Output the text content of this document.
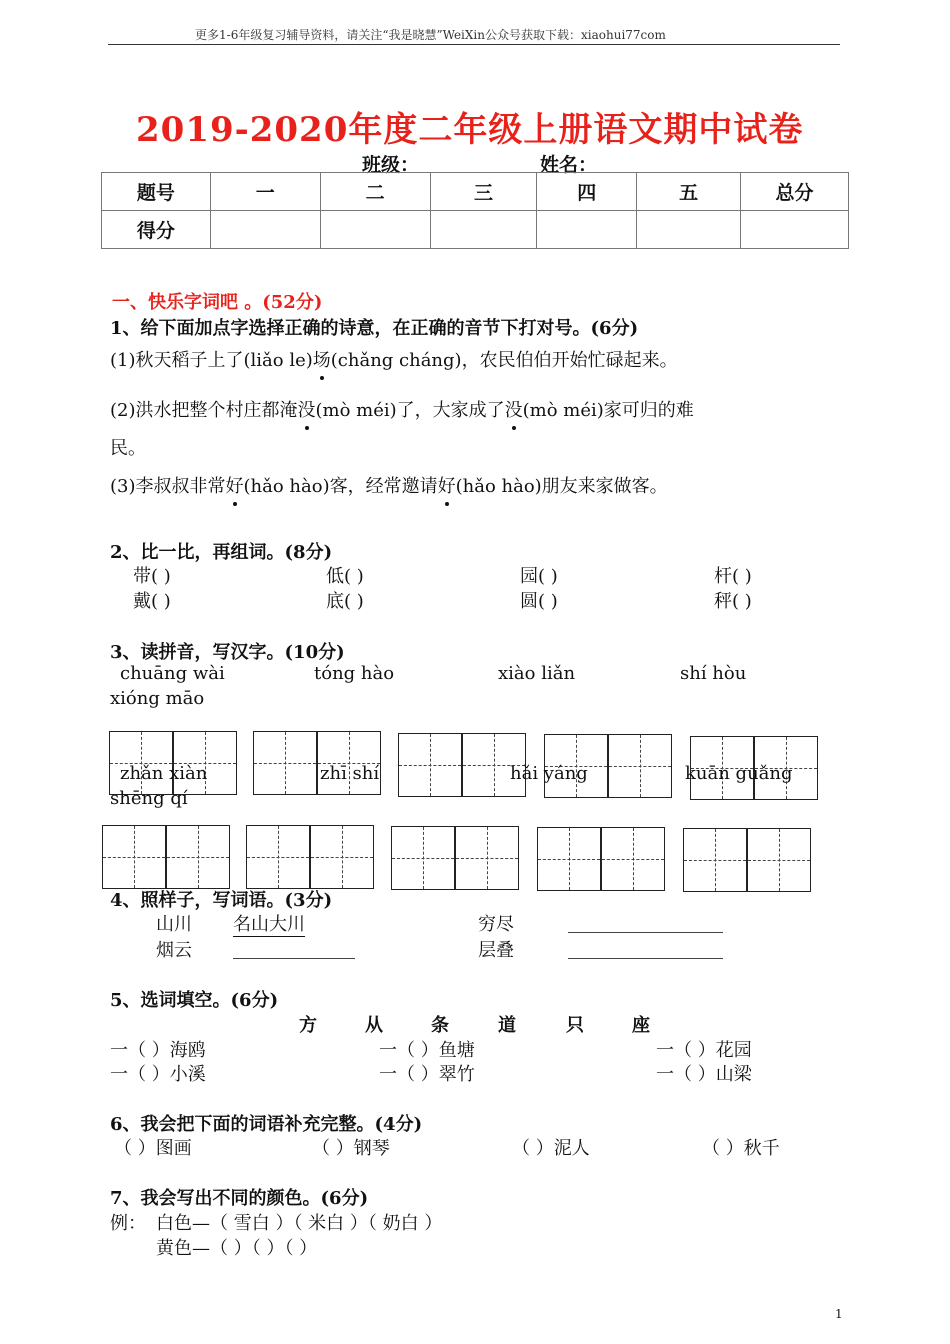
更多1-6年级复习辅导资料，请关注“我是晓慧”WeiXin公众号获取下载：xiaohui77com
2019-2020年度二年级上册语文期中试卷
班级：	姓名：
题号	一	二	三	四	五	总分
得分						
一、快乐字词吧 。(52分)
1、给下面加点字选择正确的诗意，在正确的音节下打对号。(6分)
(1)秋天稻子上了(liǎo le)场(chǎng cháng)，农民伯伯开始忙碌起来。
(2)洪水把整个村庄都淹没(mò méi)了，大家成了没(mò méi)家可归的难
民。
(3)李叔叔非常好(hǎo hào)客，经常邀请好(hǎo hào)朋友来家做客。
2、比一比，再组词。(8分)
带( )	低( )	园( )	杆( )
戴( )	底( )	圆( )	秤( )
3、读拼音，写汉字。(10分)
chuāng wài	tóng hào	xiào liǎn	shí hòu
xióng māo
zhǎn xiàn	zhī shí	hǎi yáng	kuān guǎng
shēng qí
4、照样子，写词语。(3分)
山川 名山大川	穷尽
烟云	层叠
5、选词填空。(6分)
方	从	条	道	只	座
一（ ）海鸥	一（ ）鱼塘	一（ ）花园
一（ ）小溪	一（ ）翠竹	一（ ）山梁
6、我会把下面的词语补充完整。(4分)
（ ）图画	（ ）钢琴	（ ）泥人	（ ）秋千
7、我会写出不同的颜色。(6分)
例： 白色—（ 雪白 ）（ 米白 ）（ 奶白 ）
黄色—（ ）（ ）（ ）
1
